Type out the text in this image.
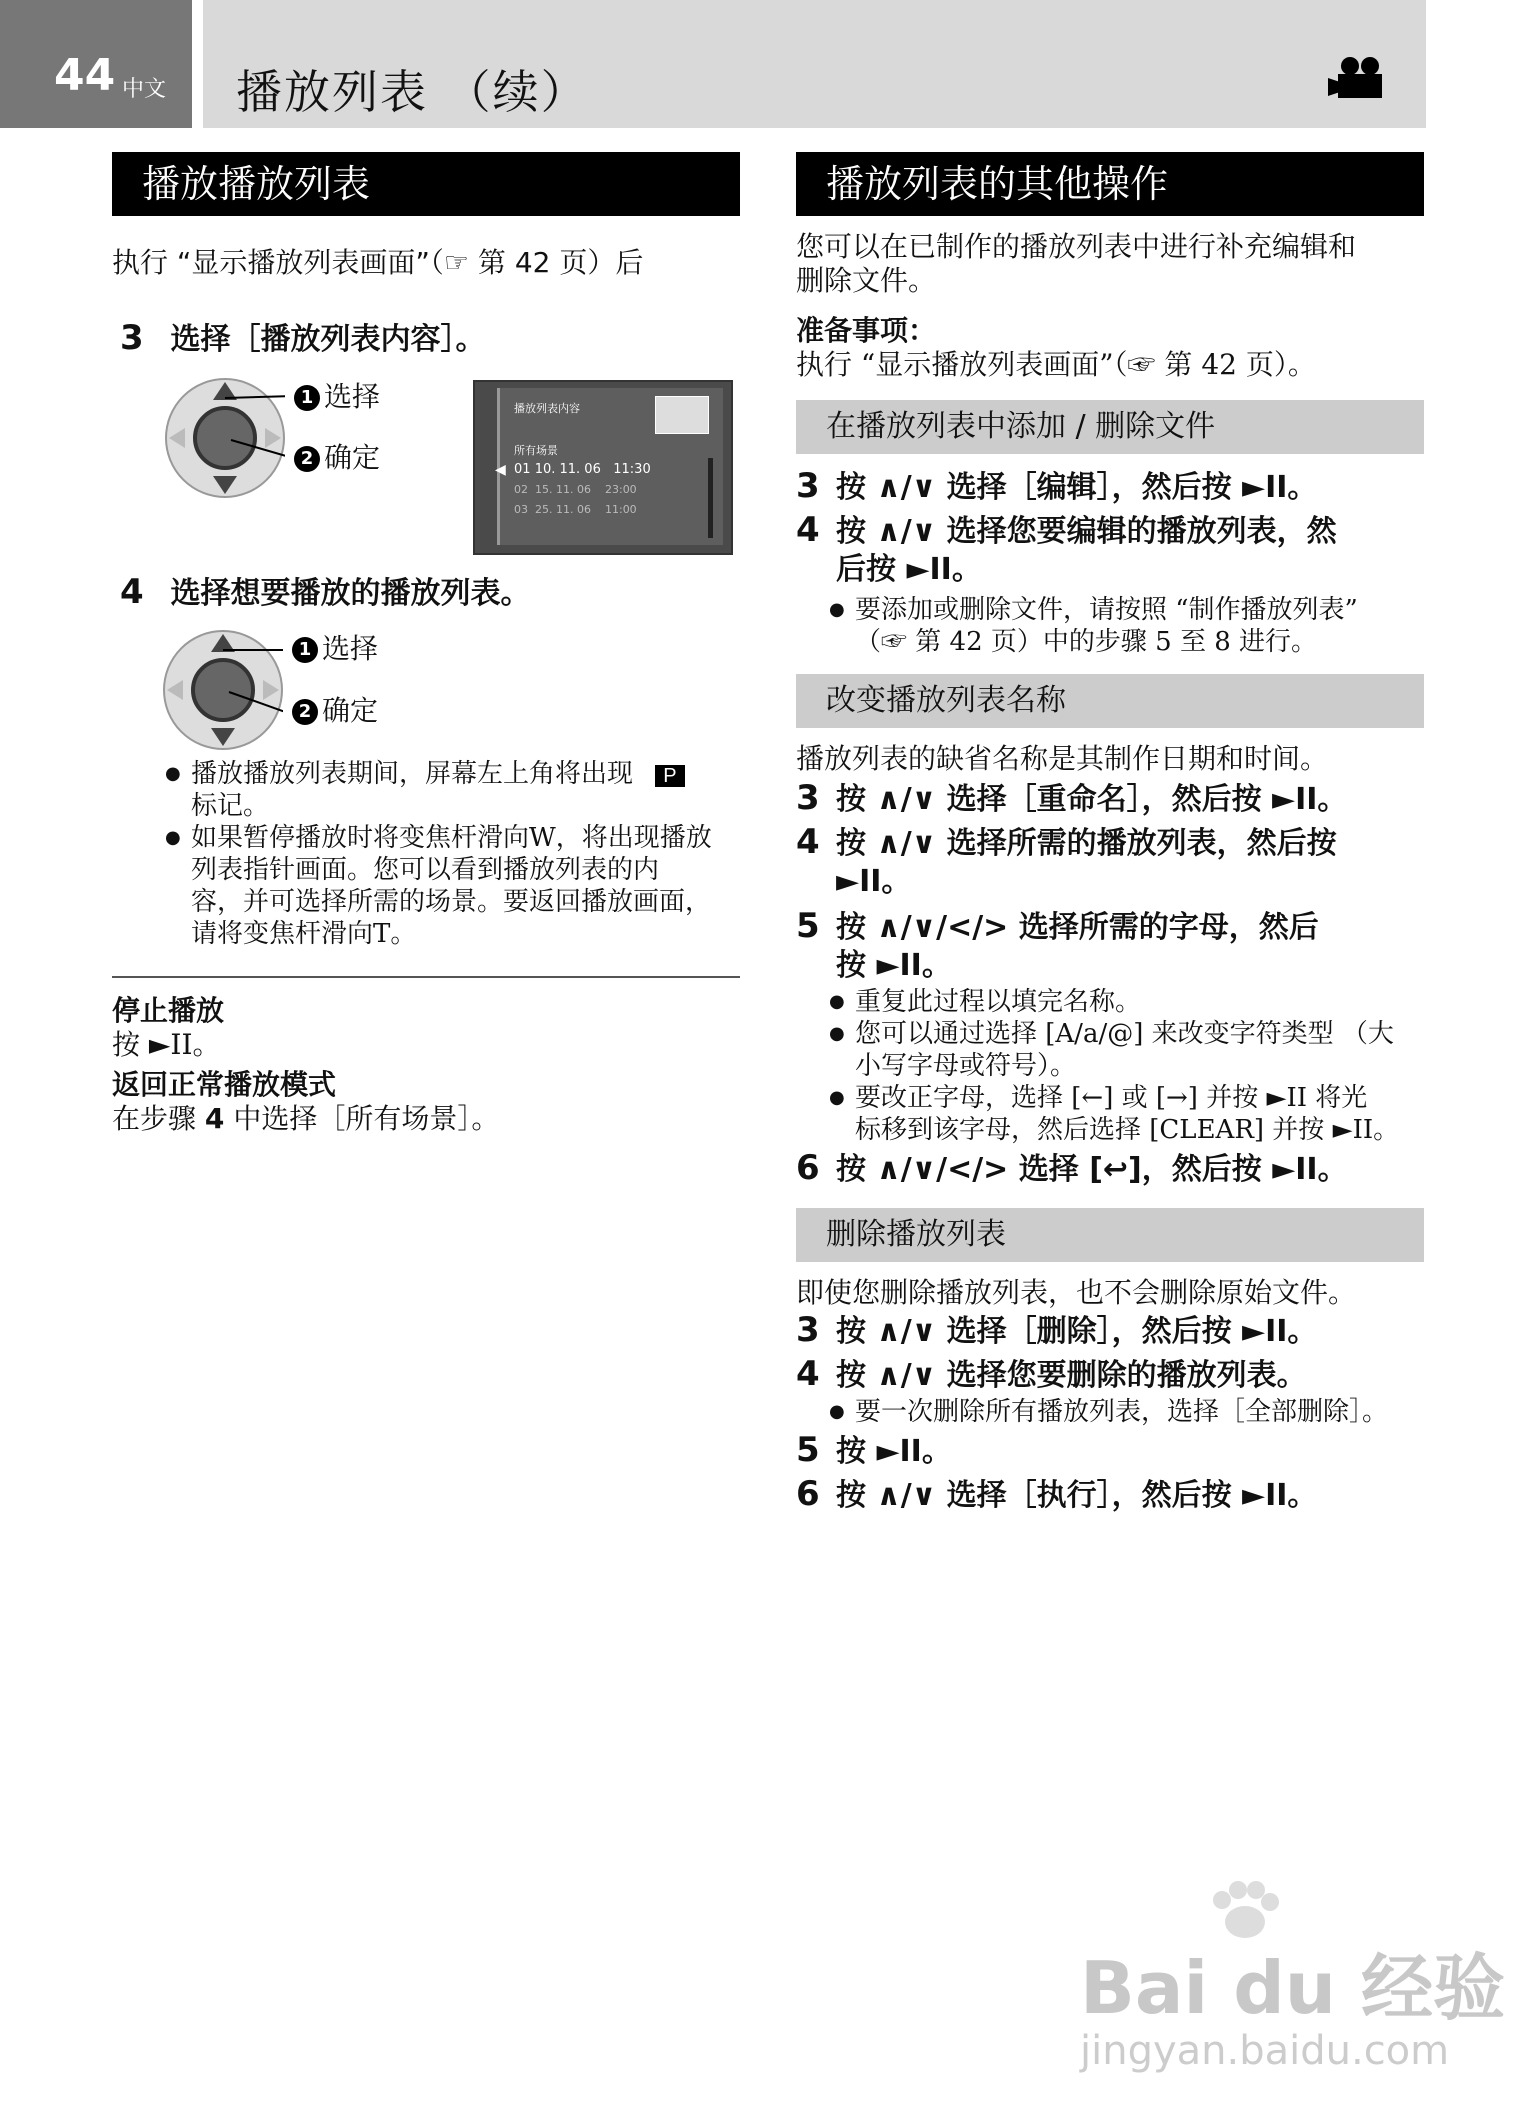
44 中文 播放列表 （续）
播放播放列表
执行 “显示播放列表画面”（☞ 第 42 页）后
3 选择［播放列表内容］。
1 选择
2 确定
播放列表内容
所有场景
01 10. 11. 06 11:30
02 15. 11. 06 23:00
03 25. 11. 06 11:00
◀
4 选择想要播放的播放列表。
1 选择
2 确定
● 播放播放列表期间，屏幕左上角将出现 P
标记。
● 如果暂停播放时将变焦杆滑向W，将出现播放
列表指针画面。您可以看到播放列表的内
容，并可选择所需的场景。要返回播放画面，
请将变焦杆滑向T。
停止播放
按 ►II。
返回正常播放模式
在步骤 4 中选择［所有场景］。
播放列表的其他操作
您可以在已制作的播放列表中进行补充编辑和
删除文件。
准备事项：
执行 “显示播放列表画面”（☞ 第 42 页）。
在播放列表中添加 / 删除文件
3 按 ∧/∨ 选择［编辑］，然后按 ►II。
4 按 ∧/∨ 选择您要编辑的播放列表，然
后按 ►II。
● 要添加或删除文件，请按照 “制作播放列表”
（☞ 第 42 页）中的步骤 5 至 8 进行。
改变播放列表名称
播放列表的缺省名称是其制作日期和时间。
3 按 ∧/∨ 选择［重命名］，然后按 ►II。
4 按 ∧/∨ 选择所需的播放列表，然后按
►II。
5 按 ∧/∨/</> 选择所需的字母，然后
按 ►II。
● 重复此过程以填完名称。
● 您可以通过选择 [A/a/@] 来改变字符类型 （大
小写字母或符号）。
● 要改正字母，选择 [←] 或 [→] 并按 ►II 将光
标移到该字母，然后选择 [CLEAR] 并按 ►II。
6 按 ∧/∨/</> 选择 [↩]，然后按 ►II。
删除播放列表
即使您删除播放列表，也不会删除原始文件。
3 按 ∧/∨ 选择［删除］，然后按 ►II。
4 按 ∧/∨ 选择您要删除的播放列表。
● 要一次删除所有播放列表，选择［全部删除］。
5 按 ►II。
6 按 ∧/∨ 选择［执行］，然后按 ►II。
Bai du 经验
jingyan.baidu.com
